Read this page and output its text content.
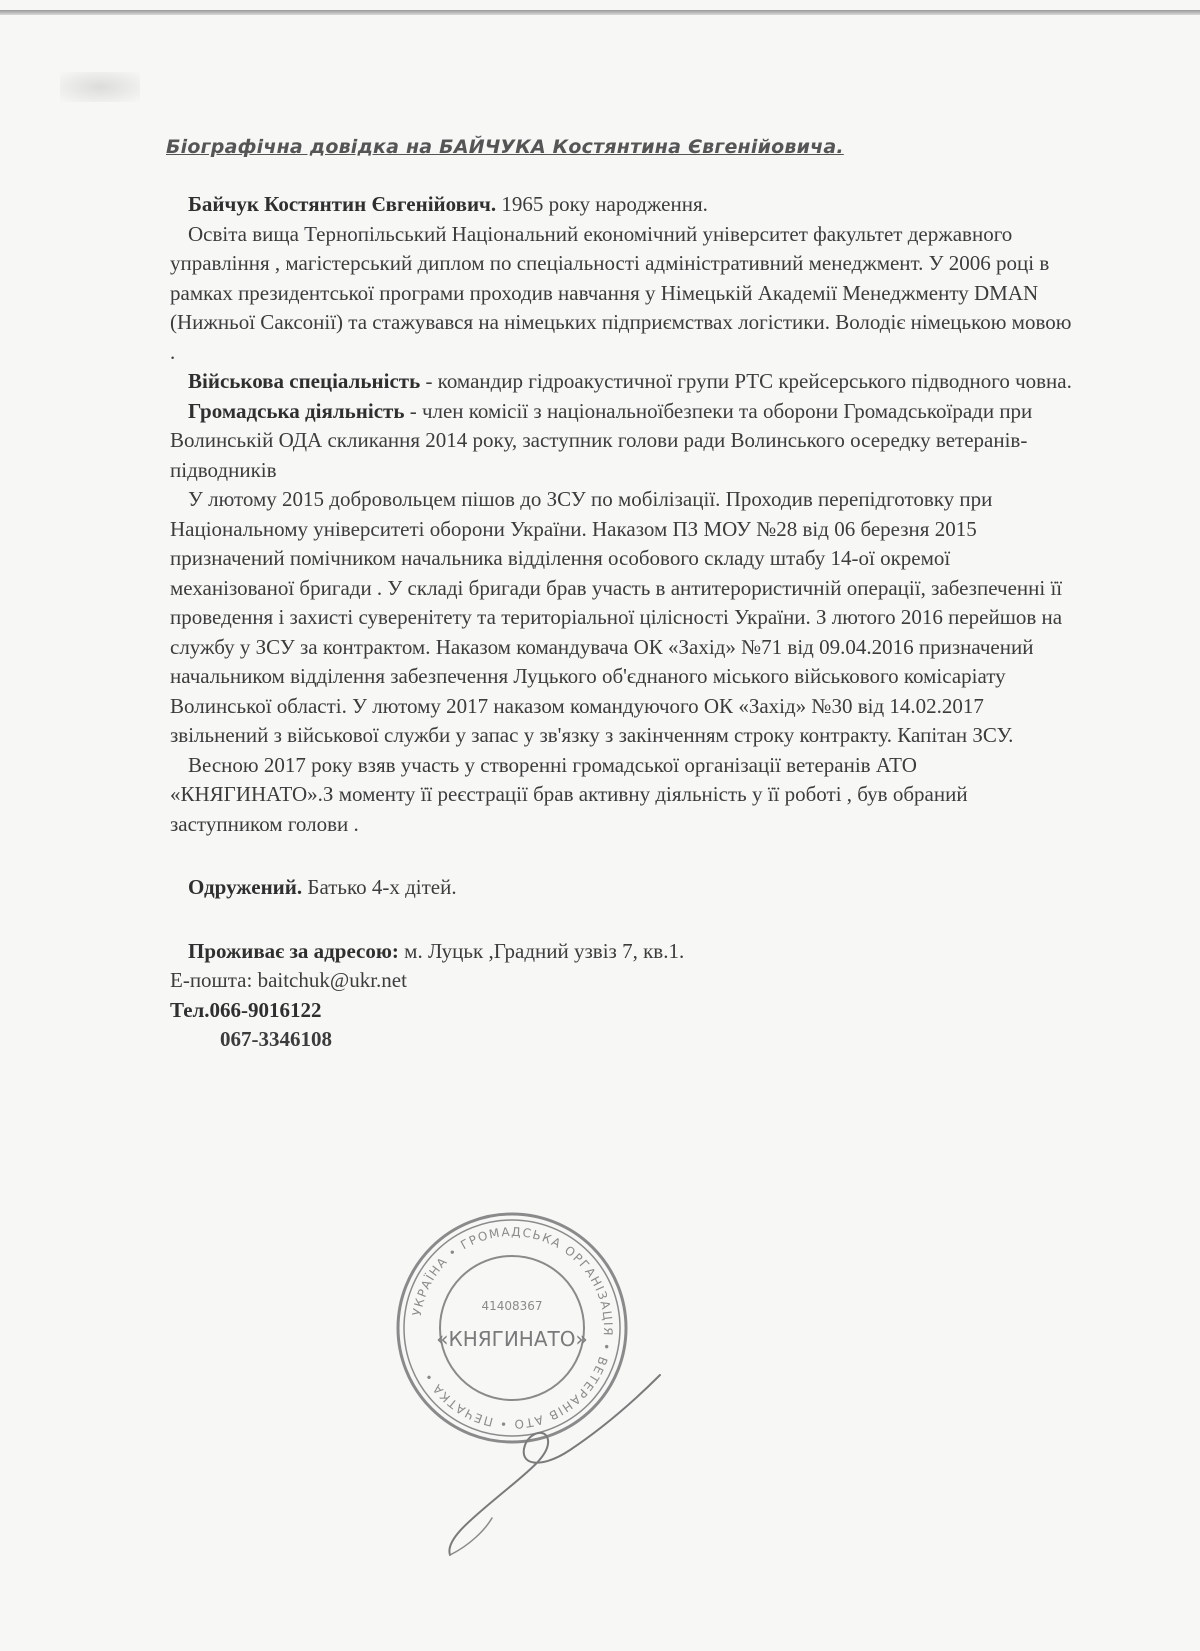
Біографічна довідка на БАЙЧУКА Костянтина Євгенійовича.

Байчук Костянтин Євгенійович. 1965 року народження.

Освіта вища Тернопільський Національний економічний університет факультет державного управління , магістерський диплом по спеціальності адміністративний менеджмент. У 2006 році в рамках президентської програми проходив навчання у Німецькій Академії Менеджменту DMAN (Нижньої Саксонії) та стажувався на німецьких підприємствах логістики. Володіє німецькою мовою .

Військова спеціальність - командир гідроакустичної групи РТС крейсерського підводного човна.

Громадська діяльність - член комісії з національноїбезпеки та оборони Громадськоїради при Волинській ОДА скликання 2014 року, заступник голови ради Волинського осередку ветеранів-підводників

У лютому 2015 добровольцем пішов до ЗСУ по мобілізації. Проходив перепідготовку при Національному університеті оборони України. Наказом ПЗ МОУ №28 від 06 березня 2015 призначений помічником начальника відділення особового складу штабу 14-ої окремої механізованої бригади . У складі бригади брав участь в антитерористичній операції, забезпеченні її проведення і захисті суверенітету та територіальної цілісності України. З лютого 2016 перейшов на службу у ЗСУ за контрактом. Наказом командувача ОК «Захід» №71 від 09.04.2016 призначений начальником відділення забезпечення Луцького об'єднаного міського військового комісаріату Волинської області. У лютому 2017 наказом командуючого ОК «Захід» №30 від 14.02.2017 звільнений з військової служби у запас у зв'язку з закінченням строку контракту. Капітан ЗСУ.

Весною 2017 року взяв участь у створенні громадської організації ветеранів АТО «КНЯГИНАТО».З моменту її реєстрації брав активну діяльність у її роботі , був обраний заступником голови .

Одружений. Батько 4-х дітей.

Проживає за адресою: м. Луцьк ,Градний узвіз 7, кв.1.

E-пошта: baitchuk@ukr.net

Тел.066-9016122

067-3346108

УКРАЇНА • ГРОМАДСЬКА ОРГАНІЗАЦІЯ • ВЕТЕРАНІВ АТО • ПЕЧАТКА •
41408367
«КНЯГИНАТО»
